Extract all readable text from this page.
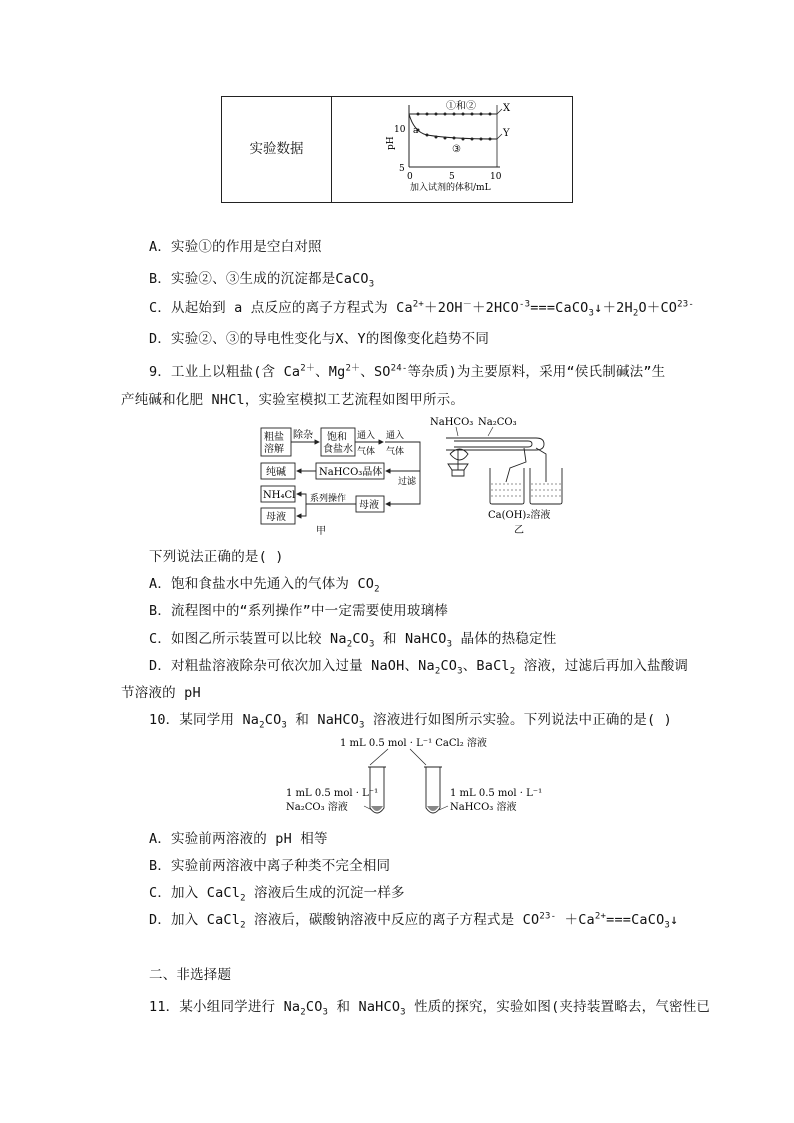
实验数据
X
Y
a
①和②
③
10
5
pH
0	5	10
加入试剂的体积/mL
A．实验①的作用是空白对照
B．实验②、③生成的沉淀都是CaCO$_3$
C．从起始到 a 点反应的离子方程式为 $Ca^{2+}+2OH^-+2HCO^{-3}===CaCO_3↓+2H_2O+CO^{23-}$
D．实验②、③的导电性变化与X、Y的图像变化趋势不同
9．工业上以粗盐(含 $Ca^{2+}$、$Mg^{2+}$、$SO^{24-}$等杂质)为主要原料，采用“侯氏制碱法”生
产纯碱和化肥 NHCl，实验室模拟工艺流程如图甲所示。
粗盐
溶解
除杂 饱和
食盐水
通入
气体
通入
气体
过滤
纯碱	NaHCO₃晶体
NH₄Cl 系列操作
母液
母液
甲
NaHCO₃ Na₂CO₃
Ca(OH)₂溶液
乙
下列说法正确的是( )
A．饱和食盐水中先通入的气体为 $CO_2$
B．流程图中的“系列操作”中一定需要使用玻璃棒
C．如图乙所示装置可以比较 $Na_2CO_3$ 和 NaHCO$_3$ 晶体的热稳定性
D．对粗盐溶液除杂可依次加入过量 NaOH、$Na_2CO_3$、BaCl$_2$ 溶液，过滤后再加入盐酸调
节溶液的 pH
10．某同学用 $Na_2CO_3$ 和 NaHCO$_3$ 溶液进行如图所示实验。下列说法中正确的是( )
1 mL 0.5 mol · L⁻¹ CaCl₂ 溶液
1 mL 0.5 mol · L⁻¹
Na₂CO₃ 溶液
1 mL 0.5 mol · L⁻¹
NaHCO₃ 溶液
A．实验前两溶液的 pH 相等
B．实验前两溶液中离子种类不完全相同
C．加入 CaCl$_2$ 溶液后生成的沉淀一样多
D．加入 CaCl$_2$ 溶液后，碳酸钠溶液中反应的离子方程式是 $CO^{23-}$ $+Ca^{2+}===CaCO_3↓$
二、非选择题
11．某小组同学进行 $Na_2CO_3$ 和 NaHCO$_3$ 性质的探究，实验如图(夹持装置略去，气密性已
